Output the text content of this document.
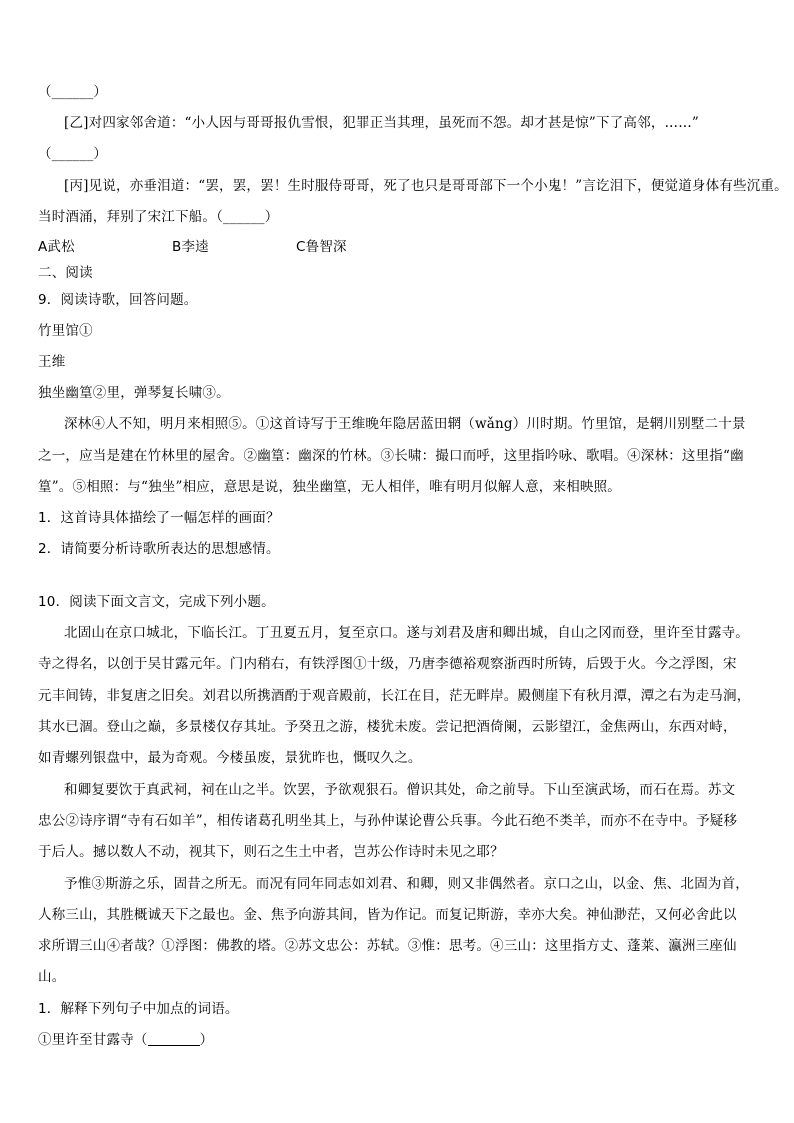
（______）
[乙]对四家邻舍道：“小人因与哥哥报仇雪恨，犯罪正当其理，虽死而不怨。却才甚是惊”下了高邻，……”
（______）
[丙]见说，亦垂泪道：“罢，罢，罢！生时服侍哥哥，死了也只是哥哥部下一个小鬼！”言讫泪下，便觉道身体有些沉重。
当时酒涌，拜别了宋江下船。（______）
A武松	B李逵	C鲁智深
二、阅读
9．阅读诗歌，回答问题。
竹里馆①
王维
独坐幽篁②里，弹琴复长啸③。
深林④人不知，明月来相照⑤。①这首诗写于王维晚年隐居蓝田辋（wǎng）川时期。竹里馆，是辋川别墅二十景
之一，应当是建在竹林里的屋舍。②幽篁：幽深的竹林。③长啸：撮口而呼，这里指吟咏、歌唱。④深林：这里指“幽
篁”。⑤相照：与“独坐”相应，意思是说，独坐幽篁，无人相伴，唯有明月似解人意，来相映照。
1．这首诗具体描绘了一幅怎样的画面？
2．请简要分析诗歌所表达的思想感情。
10．阅读下面文言文，完成下列小题。
北固山在京口城北，下临长江。丁丑夏五月，复至京口。遂与刘君及唐和卿出城，自山之冈而登，里许至甘露寺。
寺之得名，以创于吴甘露元年。门内稍右，有铁浮图①十级，乃唐李德裕观察浙西时所铸，后毁于火。今之浮图，宋
元丰间铸，非复唐之旧矣。刘君以所携酒酌于观音殿前，长江在目，茫无畔岸。殿侧崖下有秋月潭，潭之右为走马涧，
其水已涸。登山之巅，多景楼仅存其址。予癸丑之游，楼犹未废。尝记把酒倚阑，云影望江，金焦两山，东西对峙，
如青螺列银盘中，最为奇观。今楼虽废，景犹昨也，慨叹久之。
和卿复要饮于真武祠，祠在山之半。饮罢，予欲观狠石。僧识其处，命之前导。下山至演武场，而石在焉。苏文
忠公②诗序谓“寺有石如羊”，相传诸葛孔明坐其上，与孙仲谋论曹公兵事。今此石绝不类羊，而亦不在寺中。予疑移
于后人。撼以数人不动，视其下，则石之生土中者，岂苏公作诗时未见之耶？
予惟③斯游之乐，固昔之所无。而况有同年同志如刘君、和卿，则又非偶然者。京口之山，以金、焦、北固为首，
人称三山，其胜概诚天下之最也。金、焦予向游其间，皆为作记。而复记斯游，幸亦大矣。神仙渺茫，又何必舍此以
求所谓三山④者哉？①浮图：佛教的塔。②苏文忠公：苏轼。③惟：思考。④三山：这里指方丈、蓬莱、瀛洲三座仙
山。
1．解释下列句子中加点的词语。
①里许至甘露寺（	）
